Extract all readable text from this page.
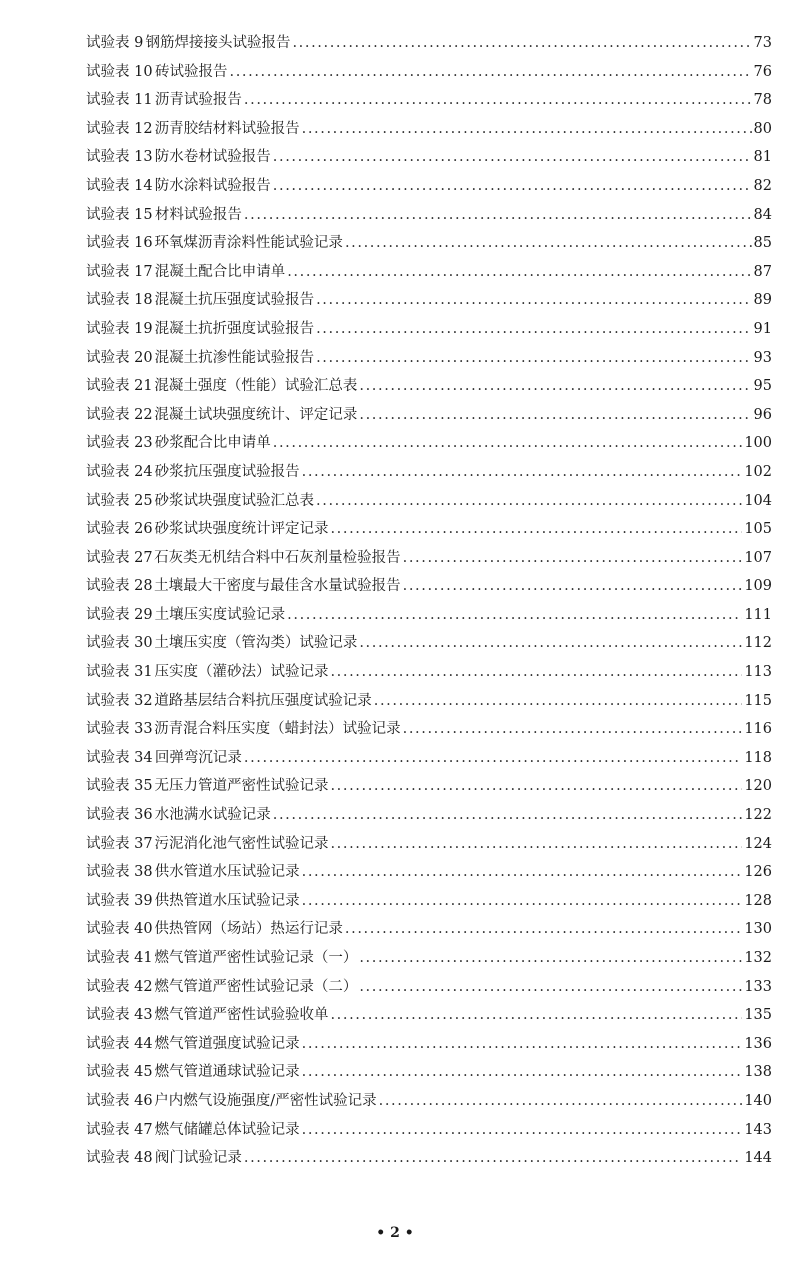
试验表 9 钢筋焊接接头试验报告 .....	73
试验表 10 砖试验报告 .....	76
试验表 11 沥青试验报告 .....	78
试验表 12 沥青胶结材料试验报告 .....	80
试验表 13 防水卷材试验报告 .....	81
试验表 14 防水涂料试验报告 .....	82
试验表 15 材料试验报告 .....	84
试验表 16 环氧煤沥青涂料性能试验记录 .....	85
试验表 17 混凝土配合比申请单 .....	87
试验表 18 混凝土抗压强度试验报告 .....	89
试验表 19 混凝土抗折强度试验报告 .....	91
试验表 20 混凝土抗渗性能试验报告 .....	93
试验表 21 混凝土强度（性能）试验汇总表 .....	95
试验表 22 混凝土试块强度统计、评定记录 .....	96
试验表 23 砂浆配合比申请单 .....	100
试验表 24 砂浆抗压强度试验报告 .....	102
试验表 25 砂浆试块强度试验汇总表 .....	104
试验表 26 砂浆试块强度统计评定记录 .....	105
试验表 27 石灰类无机结合料中石灰剂量检验报告 .....	107
试验表 28 土壤最大干密度与最佳含水量试验报告 .....	109
试验表 29 土壤压实度试验记录 .....	111
试验表 30 土壤压实度（管沟类）试验记录 .....	112
试验表 31 压实度（灌砂法）试验记录 .....	113
试验表 32 道路基层结合料抗压强度试验记录 .....	115
试验表 33 沥青混合料压实度（蜡封法）试验记录 .....	116
试验表 34 回弹弯沉记录 .....	118
试验表 35 无压力管道严密性试验记录 .....	120
试验表 36 水池满水试验记录 .....	122
试验表 37 污泥消化池气密性试验记录 .....	124
试验表 38 供水管道水压试验记录 .....	126
试验表 39 供热管道水压试验记录 .....	128
试验表 40 供热管网（场站）热运行记录 .....	130
试验表 41 燃气管道严密性试验记录（一） .....	132
试验表 42 燃气管道严密性试验记录（二） .....	133
试验表 43 燃气管道严密性试验验收单 .....	135
试验表 44 燃气管道强度试验记录 .....	136
试验表 45 燃气管道通球试验记录 .....	138
试验表 46 户内燃气设施强度/严密性试验记录 .....	140
试验表 47 燃气储罐总体试验记录 .....	143
试验表 48 阀门试验记录 .....	144
• 2 •
